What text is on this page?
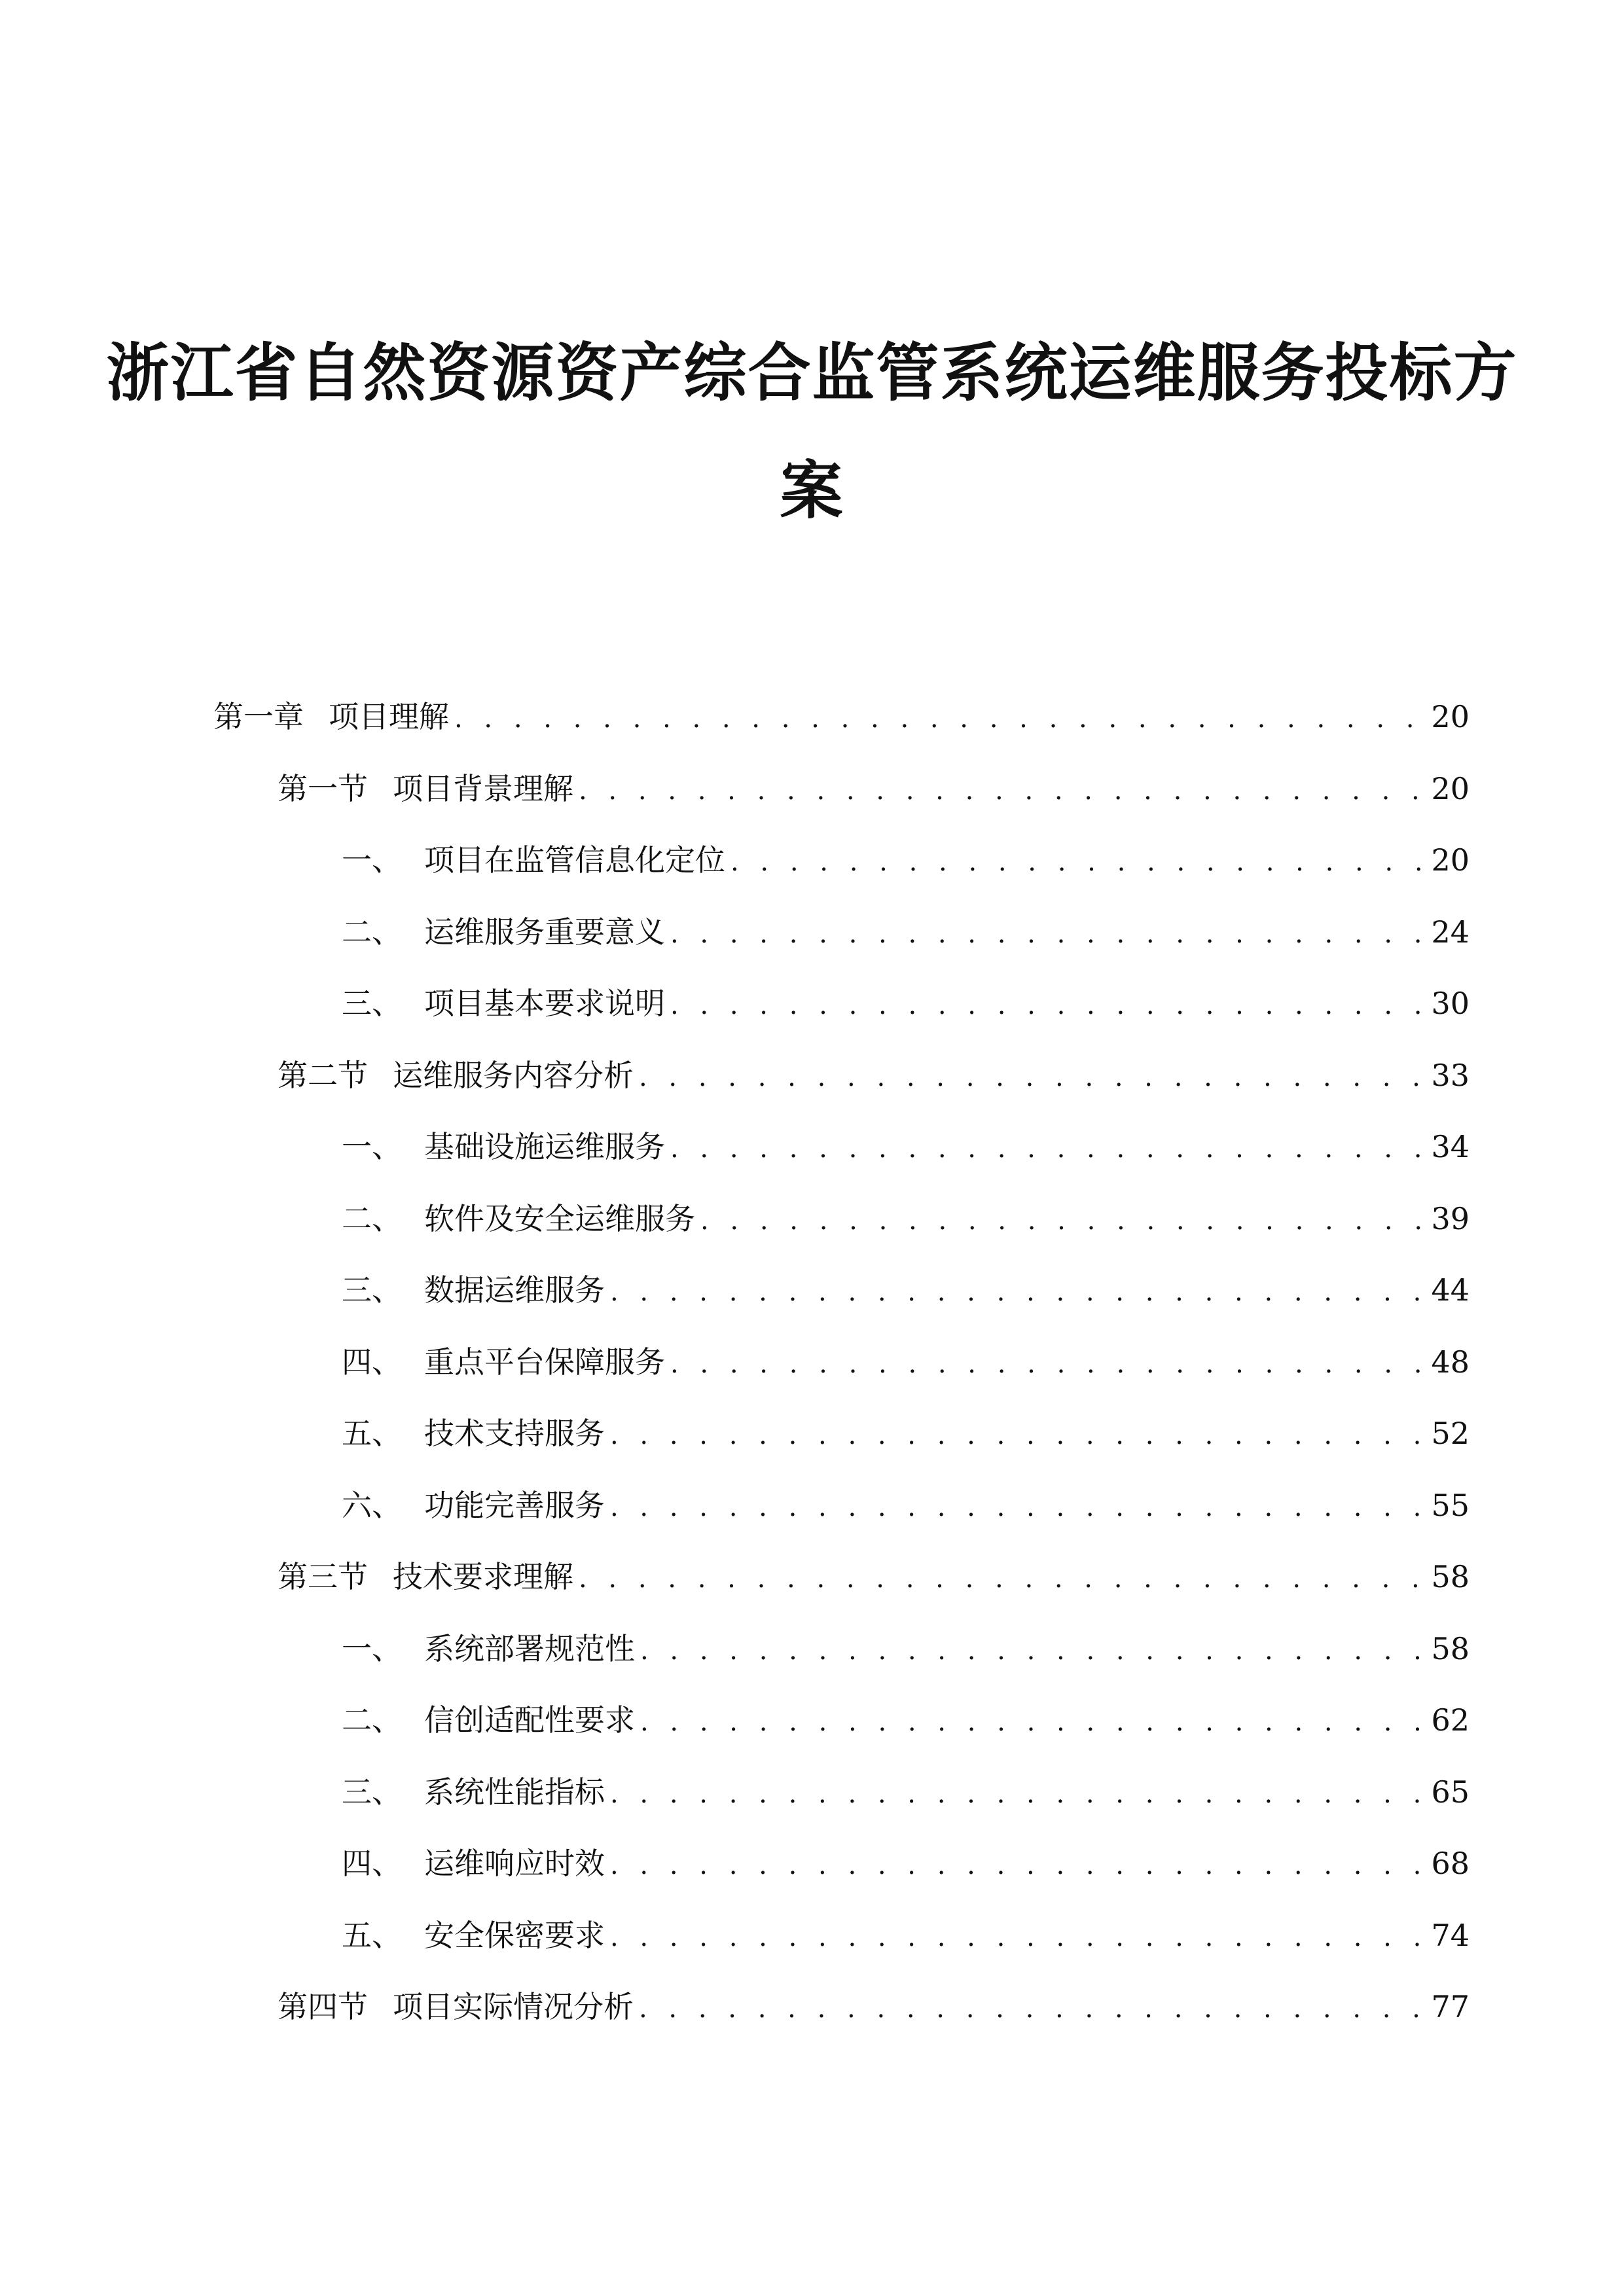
浙江省自然资源资产综合监管系统运维服务投标方
案
第一章 项目理解 . . .	20
第一节 项目背景理解 . . .	20
一、 项目在监管信息化定位 . . .	20
二、 运维服务重要意义 . . .	24
三、 项目基本要求说明 . . .	30
第二节 运维服务内容分析 . . .	33
一、 基础设施运维服务 . . .	34
二、 软件及安全运维服务 . . .	39
三、 数据运维服务 . . .	44
四、 重点平台保障服务 . . .	48
五、 技术支持服务 . . .	52
六、 功能完善服务 . . .	55
第三节 技术要求理解 . . .	58
一、 系统部署规范性 . . .	58
二、 信创适配性要求 . . .	62
三、 系统性能指标 . . .	65
四、 运维响应时效 . . .	68
五、 安全保密要求 . . .	74
第四节 项目实际情况分析 . . .	77
